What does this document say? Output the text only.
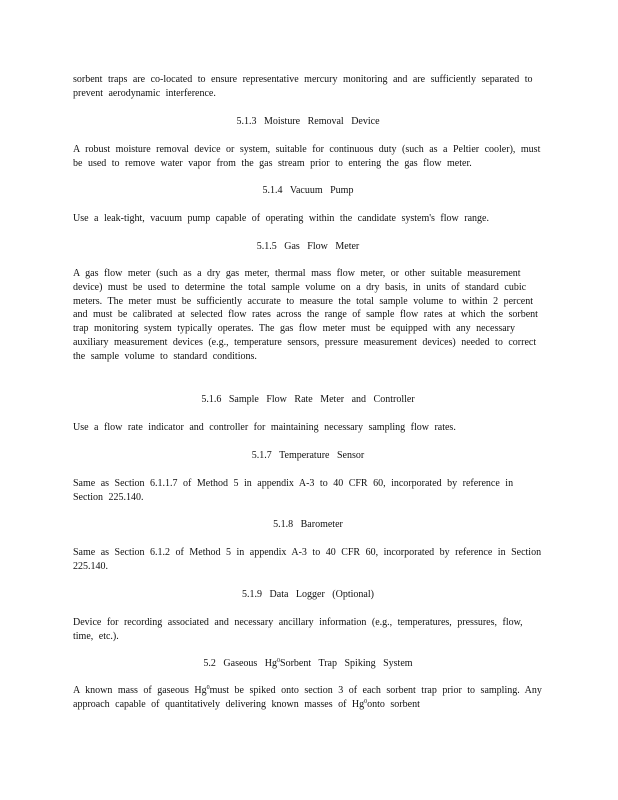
sorbent traps are co-located to ensure representative mercury monitoring and are sufficiently separated to prevent aerodynamic interference.

5.1.3 Moisture Removal Device

A robust moisture removal device or system, suitable for continuous duty (such as a Peltier cooler), must be used to remove water vapor from the gas stream prior to entering the gas flow meter.

5.1.4 Vacuum Pump

Use a leak-tight, vacuum pump capable of operating within the candidate system's flow range.

5.1.5 Gas Flow Meter

A gas flow meter (such as a dry gas meter, thermal mass flow meter, or other suitable measurement device) must be used to determine the total sample volume on a dry basis, in units of standard cubic meters. The meter must be sufficiently accurate to measure the total sample volume to within 2 percent and must be calibrated at selected flow rates across the range of sample flow rates at which the sorbent trap monitoring system typically operates. The gas flow meter must be equipped with any necessary auxiliary measurement devices (e.g., temperature sensors, pressure measurement devices) needed to correct the sample volume to standard conditions.

5.1.6 Sample Flow Rate Meter and Controller

Use a flow rate indicator and controller for maintaining necessary sampling flow rates.

5.1.7 Temperature Sensor

Same as Section 6.1.1.7 of Method 5 in appendix A-3 to 40 CFR 60, incorporated by reference in Section 225.140.

5.1.8 Barometer

Same as Section 6.1.2 of Method 5 in appendix A-3 to 40 CFR 60, incorporated by reference in Section 225.140.

5.1.9 Data Logger (Optional)

Device for recording associated and necessary ancillary information (e.g., temperatures, pressures, flow, time, etc.).

5.2 Gaseous Hg$^0$Sorbent Trap Spiking System

A known mass of gaseous Hg$^0$must be spiked onto section 3 of each sorbent trap prior to sampling. Any approach capable of quantitatively delivering known masses of Hg$^0$onto sorbent
